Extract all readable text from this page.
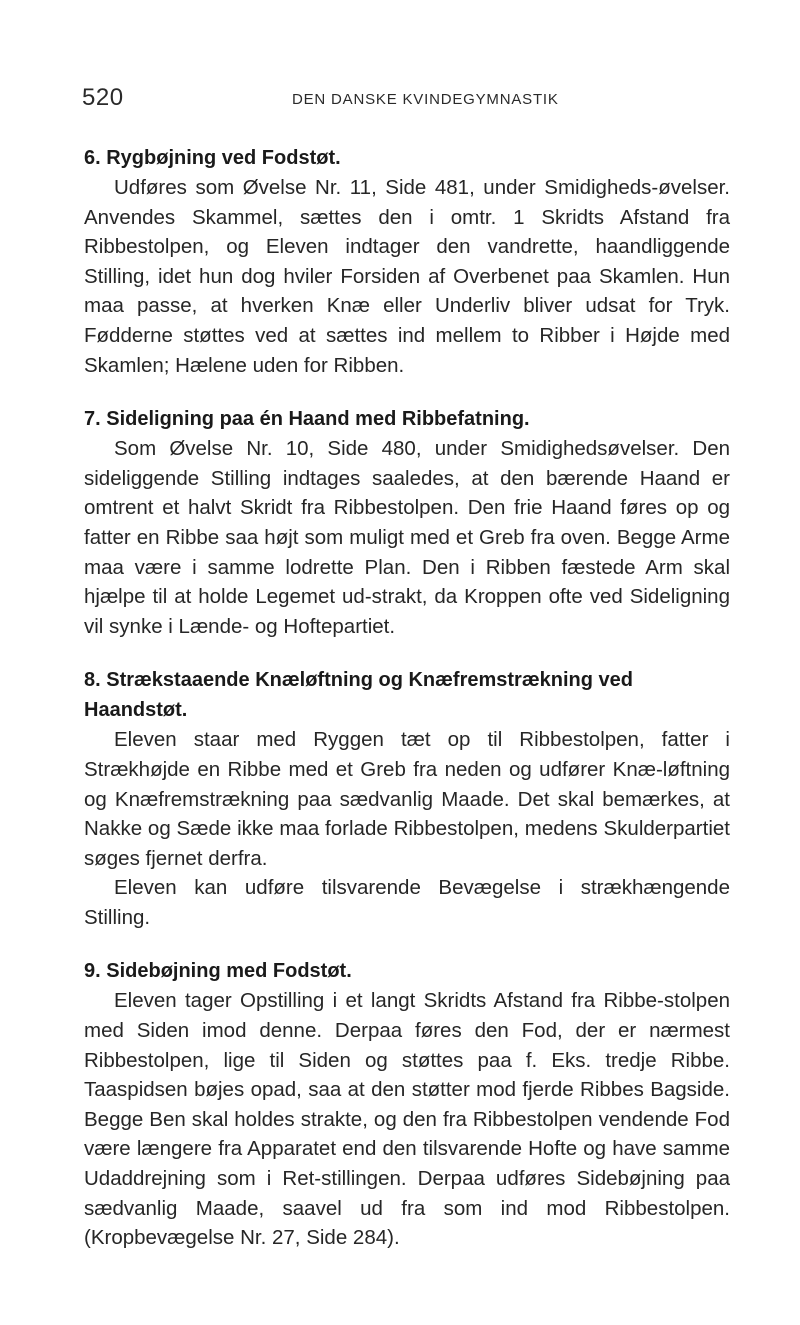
520	DEN DANSKE KVINDEGYMNASTIK

6. Rygbøjning ved Fodstøt.

Udføres som Øvelse Nr. 11, Side 481, under Smidigheds-øvelser. Anvendes Skammel, sættes den i omtr. 1 Skridts Afstand fra Ribbestolpen, og Eleven indtager den vandrette, haandliggende Stilling, idet hun dog hviler Forsiden af Overbenet paa Skamlen. Hun maa passe, at hverken Knæ eller Underliv bliver udsat for Tryk. Fødderne støttes ved at sættes ind mellem to Ribber i Højde med Skamlen; Hælene uden for Ribben.

7. Sideligning paa én Haand med Ribbefatning.

Som Øvelse Nr. 10, Side 480, under Smidighedsøvelser. Den sideliggende Stilling indtages saaledes, at den bærende Haand er omtrent et halvt Skridt fra Ribbestolpen. Den frie Haand føres op og fatter en Ribbe saa højt som muligt med et Greb fra oven. Begge Arme maa være i samme lodrette Plan. Den i Ribben fæstede Arm skal hjælpe til at holde Legemet ud-strakt, da Kroppen ofte ved Sideligning vil synke i Lænde- og Hoftepartiet.

8. Strækstaaende Knæløftning og Knæfremstrækning ved Haandstøt.

Eleven staar med Ryggen tæt op til Ribbestolpen, fatter i Strækhøjde en Ribbe med et Greb fra neden og udfører Knæ-løftning og Knæfremstrækning paa sædvanlig Maade. Det skal bemærkes, at Nakke og Sæde ikke maa forlade Ribbestolpen, medens Skulderpartiet søges fjernet derfra.

Eleven kan udføre tilsvarende Bevægelse i strækhængende Stilling.

9. Sidebøjning med Fodstøt.

Eleven tager Opstilling i et langt Skridts Afstand fra Ribbe-stolpen med Siden imod denne. Derpaa føres den Fod, der er nærmest Ribbestolpen, lige til Siden og støttes paa f. Eks. tredje Ribbe. Taaspidsen bøjes opad, saa at den støtter mod fjerde Ribbes Bagside. Begge Ben skal holdes strakte, og den fra Ribbestolpen vendende Fod være længere fra Apparatet end den tilsvarende Hofte og have samme Udaddrejning som i Ret-stillingen. Derpaa udføres Sidebøjning paa sædvanlig Maade, saavel ud fra som ind mod Ribbestolpen. (Kropbevægelse Nr. 27, Side 284).
